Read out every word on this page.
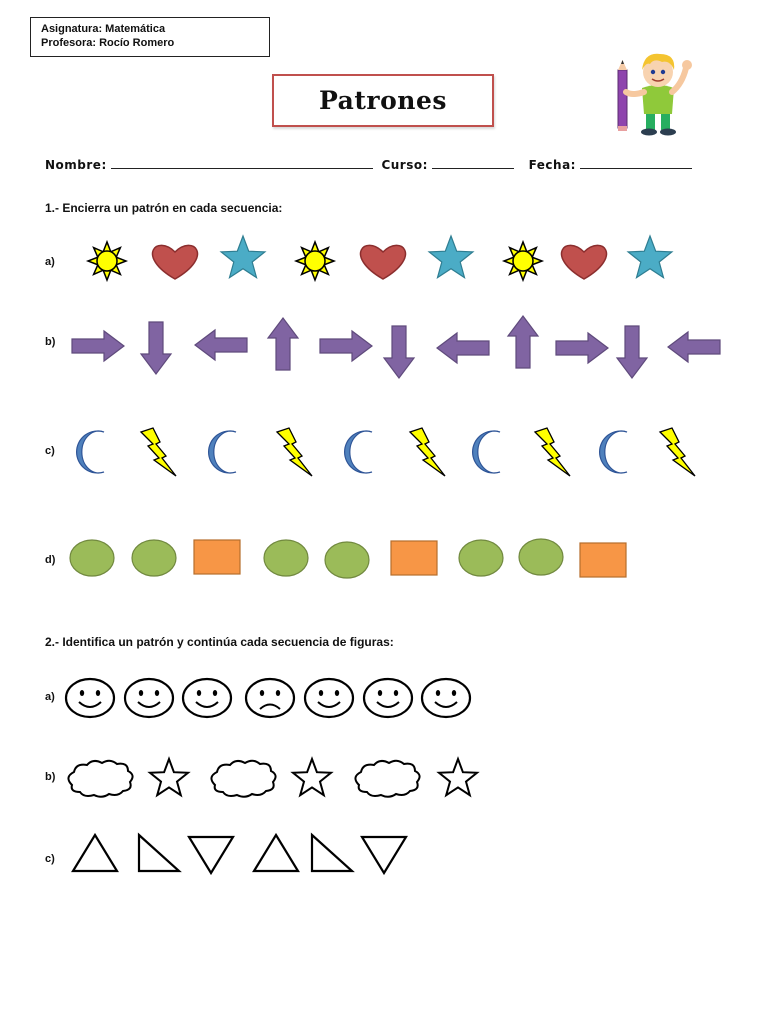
Asignatura: Matemática
Profesora: Rocío Romero
Patrones
Nombre:	Curso:	Fecha:
1.- Encierra un patrón en cada secuencia:
a)
b)
c)
d)
2.- Identifica un patrón y continúa cada secuencia de figuras:
a)
b)
c)
